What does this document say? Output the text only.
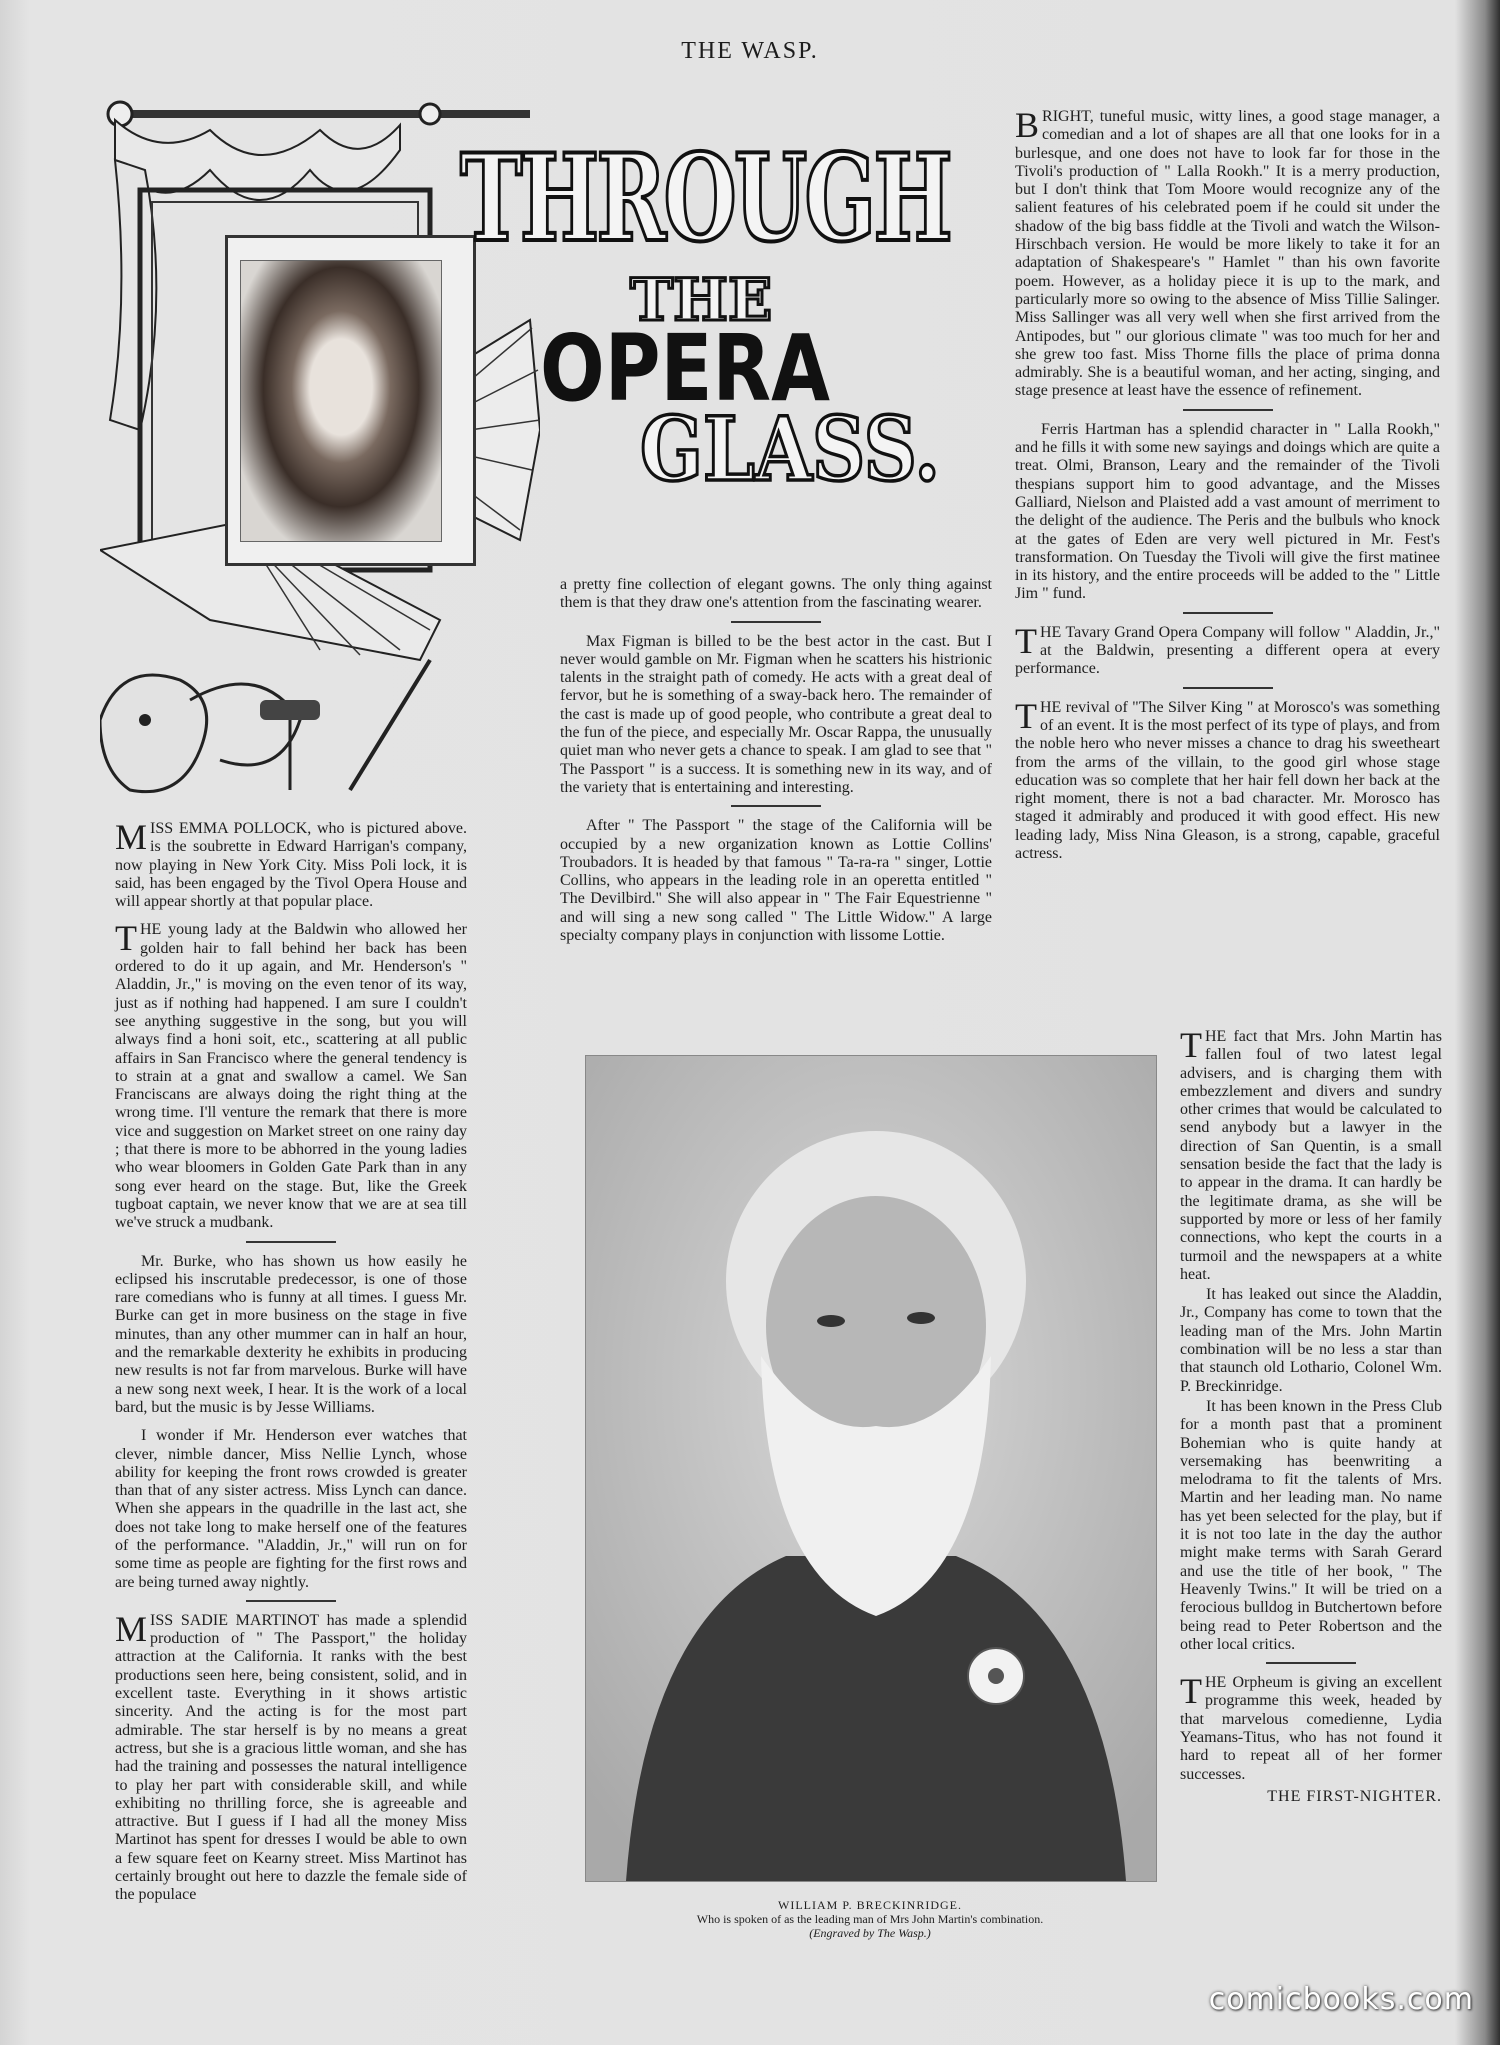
THE WASP.
THROUGH
THE
OPERA
GLASS.

MISS EMMA POLLOCK, who is pictured above. is the soubrette in Edward Harrigan's company, now playing in New York City. Miss Poli lock, it is said, has been engaged by the Tivol Opera House and will appear shortly at that popular place.

THE young lady at the Baldwin who allowed her golden hair to fall behind her back has been ordered to do it up again, and Mr. Henderson's " Aladdin, Jr.," is moving on the even tenor of its way, just as if nothing had happened. I am sure I couldn't see anything suggestive in the song, but you will always find a honi soit, etc., scattering at all public affairs in San Francisco where the general tendency is to strain at a gnat and swallow a camel. We San Franciscans are always doing the right thing at the wrong time. I'll venture the remark that there is more vice and suggestion on Market street on one rainy day ; that there is more to be abhorred in the young ladies who wear bloomers in Golden Gate Park than in any song ever heard on the stage. But, like the Greek tugboat captain, we never know that we are at sea till we've struck a mudbank.

Mr. Burke, who has shown us how easily he eclipsed his inscrutable predecessor, is one of those rare comedians who is funny at all times. I guess Mr. Burke can get in more business on the stage in five minutes, than any other mummer can in half an hour, and the remarkable dexterity he exhibits in producing new results is not far from marvelous. Burke will have a new song next week, I hear. It is the work of a local bard, but the music is by Jesse Williams.

I wonder if Mr. Henderson ever watches that clever, nimble dancer, Miss Nellie Lynch, whose ability for keeping the front rows crowded is greater than that of any sister actress. Miss Lynch can dance. When she appears in the quadrille in the last act, she does not take long to make herself one of the features of the performance. "Aladdin, Jr.," will run on for some time as people are fighting for the first rows and are being turned away nightly.

MISS SADIE MARTINOT has made a splendid production of " The Passport," the holiday attraction at the California. It ranks with the best productions seen here, being consistent, solid, and in excellent taste. Everything in it shows artistic sincerity. And the acting is for the most part admirable. The star herself is by no means a great actress, but she is a gracious little woman, and she has had the training and possesses the natural intelligence to play her part with considerable skill, and while exhibiting no thrilling force, she is agreeable and attractive. But I guess if I had all the money Miss Martinot has spent for dresses I would be able to own a few square feet on Kearny street. Miss Martinot has certainly brought out here to dazzle the female side of the populace

a pretty fine collection of elegant gowns. The only thing against them is that they draw one's attention from the fascinating wearer.

Max Figman is billed to be the best actor in the cast. But I never would gamble on Mr. Figman when he scatters his histrionic talents in the straight path of comedy. He acts with a great deal of fervor, but he is something of a sway-back hero. The remainder of the cast is made up of good people, who contribute a great deal to the fun of the piece, and especially Mr. Oscar Rappa, the unusually quiet man who never gets a chance to speak. I am glad to see that " The Passport " is a success. It is something new in its way, and of the variety that is entertaining and interesting.

After " The Passport " the stage of the California will be occupied by a new organization known as Lottie Collins' Troubadors. It is headed by that famous " Ta-ra-ra " singer, Lottie Collins, who appears in the leading role in an operetta entitled " The Devilbird." She will also appear in " The Fair Equestrienne " and will sing a new song called " The Little Widow." A large specialty company plays in conjunction with lissome Lottie.

BRIGHT, tuneful music, witty lines, a good stage manager, a comedian and a lot of shapes are all that one looks for in a burlesque, and one does not have to look far for those in the Tivoli's production of " Lalla Rookh." It is a merry production, but I don't think that Tom Moore would recognize any of the salient features of his celebrated poem if he could sit under the shadow of the big bass fiddle at the Tivoli and watch the Wilson-Hirschbach version. He would be more likely to take it for an adaptation of Shakespeare's " Hamlet " than his own favorite poem. However, as a holiday piece it is up to the mark, and particularly more so owing to the absence of Miss Tillie Salinger. Miss Sallinger was all very well when she first arrived from the Antipodes, but " our glorious climate " was too much for her and she grew too fast. Miss Thorne fills the place of prima donna admirably. She is a beautiful woman, and her acting, singing, and stage presence at least have the essence of refinement.

Ferris Hartman has a splendid character in " Lalla Rookh," and he fills it with some new sayings and doings which are quite a treat. Olmi, Branson, Leary and the remainder of the Tivoli thespians support him to good advantage, and the Misses Galliard, Nielson and Plaisted add a vast amount of merriment to the delight of the audience. The Peris and the bulbuls who knock at the gates of Eden are very well pictured in Mr. Fest's transformation. On Tuesday the Tivoli will give the first matinee in its history, and the entire proceeds will be added to the " Little Jim " fund.

THE Tavary Grand Opera Company will follow " Aladdin, Jr.," at the Baldwin, presenting a different opera at every performance.

THE revival of "The Silver King " at Morosco's was something of an event. It is the most perfect of its type of plays, and from the noble hero who never misses a chance to drag his sweetheart from the arms of the villain, to the good girl whose stage education was so complete that her hair fell down her back at the right moment, there is not a bad character. Mr. Morosco has staged it admirably and produced it with good effect. His new leading lady, Miss Nina Gleason, is a strong, capable, graceful actress.

THE fact that Mrs. John Martin has fallen foul of two latest legal advisers, and is charging them with embezzlement and divers and sundry other crimes that would be calculated to send anybody but a lawyer in the direction of San Quentin, is a small sensation beside the fact that the lady is to appear in the drama. It can hardly be the legitimate drama, as she will be supported by more or less of her family connections, who kept the courts in a turmoil and the newspapers at a white heat.

It has leaked out since the Aladdin, Jr., Company has come to town that the leading man of the Mrs. John Martin combination will be no less a star than that staunch old Lothario, Colonel Wm. P. Breckinridge.

It has been known in the Press Club for a month past that a prominent Bohemian who is quite handy at versemaking has beenwriting a melodrama to fit the talents of Mrs. Martin and her leading man. No name has yet been selected for the play, but if it is not too late in the day the author might make terms with Sarah Gerard and use the title of her book, " The Heavenly Twins." It will be tried on a ferocious bulldog in Butchertown before being read to Peter Robertson and the other local critics.

THE Orpheum is giving an excellent programme this week, headed by that marvelous comedienne, Lydia Yeamans-Titus, who has not found it hard to repeat all of her former successes.

THE FIRST-NIGHTER.
WILLIAM P. BRECKINRIDGE.
Who is spoken of as the leading man of Mrs John Martin's combination.
(Engraved by The Wasp.)
comicbooks.com
